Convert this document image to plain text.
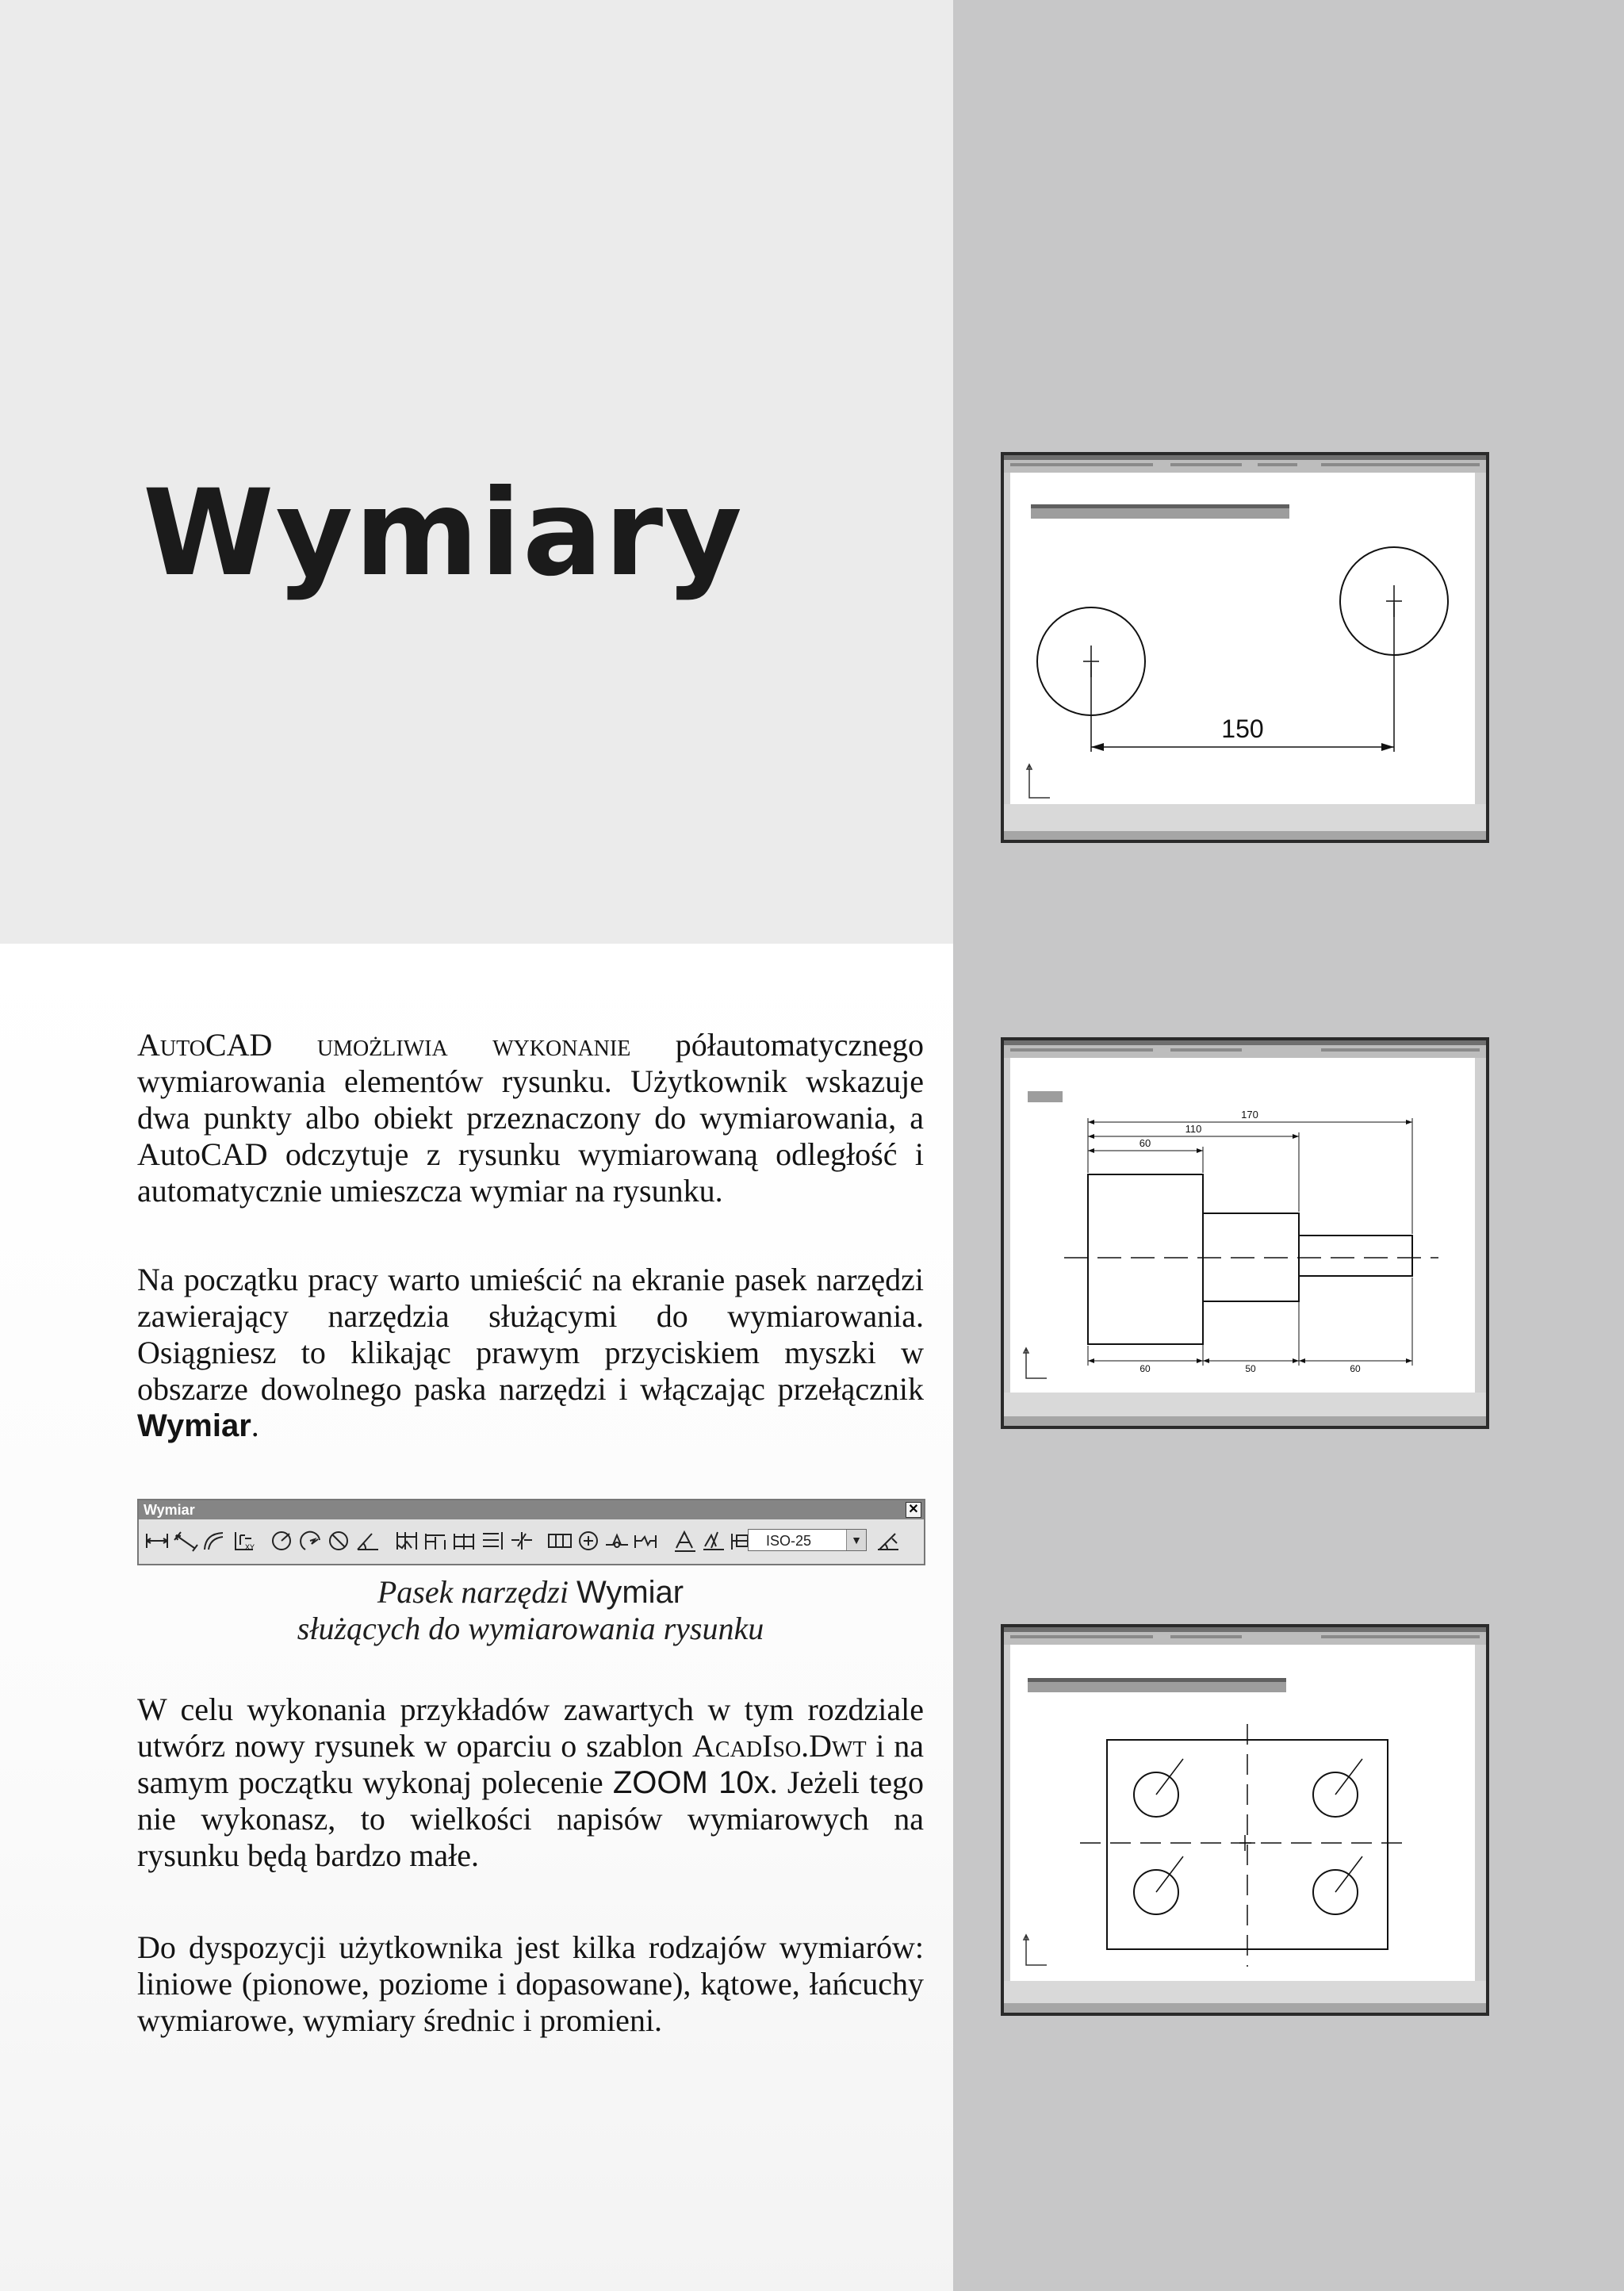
Wymiary

AutoCAD umożliwia wykonanie półautomatycznego wymiarowania elementów rysunku. Użytkownik wskazuje dwa punkty albo obiekt przeznaczony do wymiarowania, a AutoCAD odczytuje z rysunku wymiarowaną odległość i automatycznie umieszcza wymiar na rysunku.

Na początku pracy warto umieścić na ekranie pasek narzędzi zawierający narzędzia służącymi do wymiarowania. Osiągniesz to klikając prawym przyciskiem myszki w obszarze dowolnego paska narzędzi i włączając przełącznik Wymiar.

Wymiar	✕
XY	ISO-25	▼

Pasek narzędzi Wymiar
służących do wymiarowania rysunku

W celu wykonania przykładów zawartych w tym rozdziale utwórz nowy rysunek w oparciu o szablon AcadIso.Dwt i na samym początku wykonaj polecenie ZOOM 10x. Jeżeli tego nie wykonasz, to wielkości napisów wymiarowych na rysunku będą bardzo małe.

Do dyspozycji użytkownika jest kilka rodzajów wymiarów: liniowe (pionowe, poziome i dopasowane), kątowe, łańcuchy wymiarowe, wymiary średnic i promieni.

150
170
110
60
60	50	60
